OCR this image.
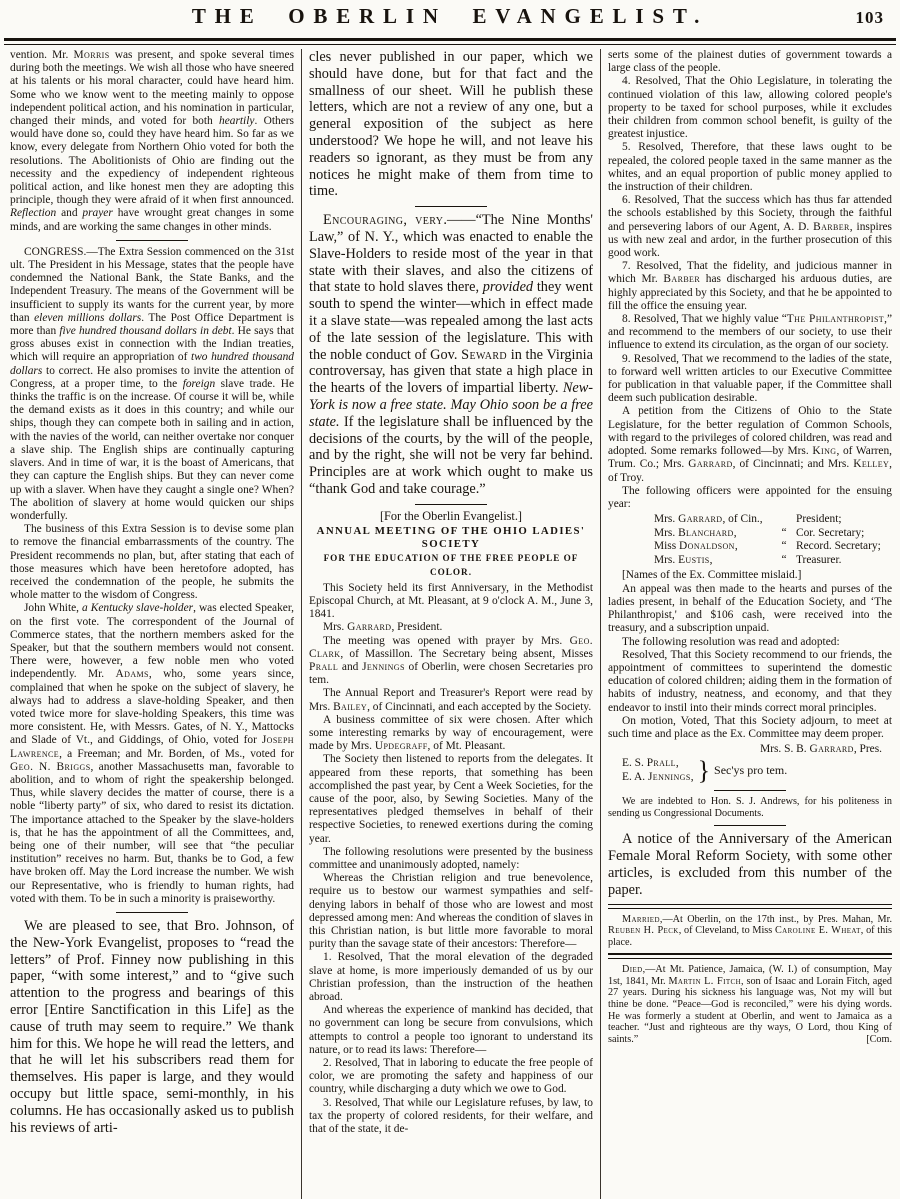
THE OBERLIN EVANGELIST.	103

vention. Mr. Morris was present, and spoke several times during both the meetings. We wish all those who have sneered at his talents or his moral character, could have heard him. Some who we know went to the meeting mainly to oppose independent political action, and his nomination in particular, changed their minds, and voted for both heartily. Others would have done so, could they have heard him. So far as we know, every delegate from Northern Ohio voted for both the resolutions. The Abolitionists of Ohio are finding out the necessity and the expediency of independent righteous political action, and like honest men they are adopting this principle, though they were afraid of it when first announced. Reflection and prayer have wrought great changes in some minds, and are working the same changes in other minds.

CONGRESS.—The Extra Session commenced on the 31st ult. The President in his Message, states that the people have condemned the National Bank, the State Banks, and the Independent Treasury. The means of the Government will be insufficient to supply its wants for the current year, by more than eleven millions dollars. The Post Office Department is more than five hundred thousand dollars in debt. He says that gross abuses exist in connection with the Indian treaties, which will require an appropriation of two hundred thousand dollars to correct. He also promises to invite the attention of Congress, at a proper time, to the foreign slave trade. He thinks the traffic is on the increase. Of course it will be, while the demand exists as it does in this country; and while our ships, though they can compete both in sailing and in action, with the navies of the world, can neither overtake nor conquer a slave ship. The English ships are continually capturing slavers. And in time of war, it is the boast of Americans, that they can capture the English ships. But they can never come up with a slaver. When have they caught a single one? When? The abolition of slavery at home would quicken our ships wonderfully.

The business of this Extra Session is to devise some plan to remove the financial embarrassments of the country. The President recommends no plan, but, after stating that each of those measures which have been heretofore adopted, has received the condemnation of the people, he submits the whole matter to the wisdom of Congress.

John White, a Kentucky slave-holder, was elected Speaker, on the first vote. The correspondent of the Journal of Commerce states, that the northern members asked for the Speaker, but that the southern members would not consent. There were, however, a few noble men who voted independently. Mr. Adams, who, some years since, complained that when he spoke on the subject of slavery, he always had to address a slave-holding Speaker, and then voted twice more for slave-holding Speakers, this time was more consistent. He, with Messrs. Gates, of N. Y., Mattocks and Slade of Vt., and Giddings, of Ohio, voted for Joseph Lawrence, a Freeman; and Mr. Borden, of Ms., voted for Geo. N. Briggs, another Massachusetts man, favorable to abolition, and to whom of right the speakership belonged. Thus, while slavery decides the matter of course, there is a noble “liberty party” of six, who dared to resist its dictation. The importance attached to the Speaker by the slave-holders is, that he has the appointment of all the Committees, and, being one of their number, will see that “the peculiar institution” receives no harm. But, thanks be to God, a few have broken off. May the Lord increase the number. We wish our Representative, who is friendly to human rights, had voted with them. To be in such a minority is praiseworthy.

We are pleased to see, that Bro. Johnson, of the New-York Evangelist, proposes to “read the letters” of Prof. Finney now publishing in this paper, “with some interest,” and to “give such attention to the progress and bearings of this error [Entire Sanctification in this Life] as the cause of truth may seem to require.” We thank him for this. We hope he will read the letters, and that he will let his subscribers read them for themselves. His paper is large, and they would occupy but little space, semi-monthly, in his columns. He has occasionally asked us to publish his reviews of arti-

cles never published in our paper, which we should have done, but for that fact and the smallness of our sheet. Will he publish these letters, which are not a review of any one, but a general exposition of the subject as here understood? We hope he will, and not leave his readers so ignorant, as they must be from any notices he might make of them from time to time.

Encouraging, very.——“The Nine Months' Law,” of N. Y., which was enacted to enable the Slave-Holders to reside most of the year in that state with their slaves, and also the citizens of that state to hold slaves there, provided they went south to spend the winter—which in effect made it a slave state—was repealed among the last acts of the late session of the legislature. This with the noble conduct of Gov. Seward in the Virginia controversay, has given that state a high place in the hearts of the lovers of impartial liberty. New-York is now a free state. May Ohio soon be a free state. If the legislature shall be influenced by the decisions of the courts, by the will of the people, and by the right, she will not be very far behind. Principles are at work which ought to make us “thank God and take courage.”

[For the Oberlin Evangelist.]
ANNUAL MEETING OF THE OHIO LADIES' SOCIETY
FOR THE EDUCATION OF THE FREE PEOPLE OF COLOR.

This Society held its first Anniversary, in the Methodist Episcopal Church, at Mt. Pleasant, at 9 o'clock A. M., June 3, 1841.

Mrs. Garrard, President.

The meeting was opened with prayer by Mrs. Geo. Clark, of Massillon. The Secretary being absent, Misses Prall and Jennings of Oberlin, were chosen Secretaries pro tem.

The Annual Report and Treasurer's Report were read by Mrs. Bailey, of Cincinnati, and each accepted by the Society.

A business committee of six were chosen. After which some interesting remarks by way of encouragement, were made by Mrs. Updegraff, of Mt. Pleasant.

The Society then listened to reports from the delegates. It appeared from these reports, that something has been accomplished the past year, by Cent a Week Societies, for the cause of the poor, also, by Sewing Societies. Many of the representatives pledged themselves in behalf of their respective Societies, to renewed exertions during the coming year.

The following resolutions were presented by the business committee and unanimously adopted, namely:

Whereas the Christian religion and true benevolence, require us to bestow our warmest sympathies and self-denying labors in behalf of those who are lowest and most depressed among men: And whereas the condition of slaves in this Christian nation, is but little more favorable to moral purity than the savage state of their ancestors: Therefore—

1. Resolved, That the moral elevation of the degraded slave at home, is more imperiously demanded of us by our Christian profession, than the instruction of the heathen abroad.

And whereas the experience of mankind has decided, that no government can long be secure from convulsions, which attempts to control a people too ignorant to understand its nature, or to read its laws: Therefore—

2. Resolved, That in laboring to educate the free people of color, we are promoting the safety and happiness of our country, while discharging a duty which we owe to God.

3. Resolved, That while our Legislature refuses, by law, to tax the property of colored residents, for their welfare, and that of the state, it de-

serts some of the plainest duties of government towards a large class of the people.

4. Resolved, That the Ohio Legislature, in tolerating the continued violation of this law, allowing colored people's property to be taxed for school purposes, while it excludes their children from common school benefit, is guilty of the greatest injustice.

5. Resolved, Therefore, that these laws ought to be repealed, the colored people taxed in the same manner as the whites, and an equal proportion of public money applied to the instruction of their children.

6. Resolved, That the success which has thus far attended the schools established by this Society, through the faithful and persevering labors of our Agent, A. D. Barber, inspires us with new zeal and ardor, in the further prosecution of this good work.

7. Resolved, That the fidelity, and judicious manner in which Mr. Barber has discharged his arduous duties, are highly appreciated by this Society, and that he be appointed to fill the office the ensuing year.

8. Resolved, That we highly value “The Philanthropist,” and recommend to the members of our society, to use their influence to extend its circulation, as the organ of our society.

9. Resolved, That we recommend to the ladies of the state, to forward well written articles to our Executive Committee for publication in that valuable paper, if the Committee shall deem such publication desirable.

A petition from the Citizens of Ohio to the State Legislature, for the better regulation of Common Schools, with regard to the privileges of colored children, was read and adopted. Some remarks followed—by Mrs. King, of Warren, Trum. Co.; Mrs. Garrard, of Cincinnati; and Mrs. Kelley, of Troy.

The following officers were appointed for the ensuing year:

Mrs. Garrard, of Cin.,	President;
Mrs. Blanchard,	“ Cor. Secretary;
Miss Donaldson,	“ Record. Secretary;
Mrs. Eustis,	“ Treasurer.

[Names of the Ex. Committee mislaid.]

An appeal was then made to the hearts and purses of the ladies present, in behalf of the Education Society, and ‘The Philanthropist,' and $106 cash, were received into the treasury, and a subscription unpaid.

The following resolution was read and adopted:

Resolved, That this Society recommend to our friends, the appointment of committees to superintend the domestic education of colored children; aiding them in the formation of habits of industry, neatness, and economy, and that they endeavor to instil into their minds correct moral principles.

On motion, Voted, That this Society adjourn, to meet at such time and place as the Ex. Committee may deem proper.

Mrs. S. B. Garrard, Pres.
E. S. Prall,
E. A. Jennings, } Sec'ys pro tem.

We are indebted to Hon. S. J. Andrews, for his politeness in sending us Congressional Documents.

A notice of the Anniversary of the American Female Moral Reform Society, with some other articles, is excluded from this number of the paper.

Married,—At Oberlin, on the 17th inst., by Pres. Mahan, Mr. Reuben H. Peck, of Cleveland, to Miss Caroline E. Wheat, of this place.

Died,—At Mt. Patience, Jamaica, (W. I.) of consumption, May 1st, 1841, Mr. Martin L. Fitch, son of Isaac and Lorain Fitch, aged 27 years. During his sickness his language was, Not my will but thine be done. “Peace—God is reconciled,” were his dying words. He was formerly a student at Oberlin, and went to Jamaica as a teacher. “Just and righteous are thy ways, O Lord, thou King of saints.”	[Com.
